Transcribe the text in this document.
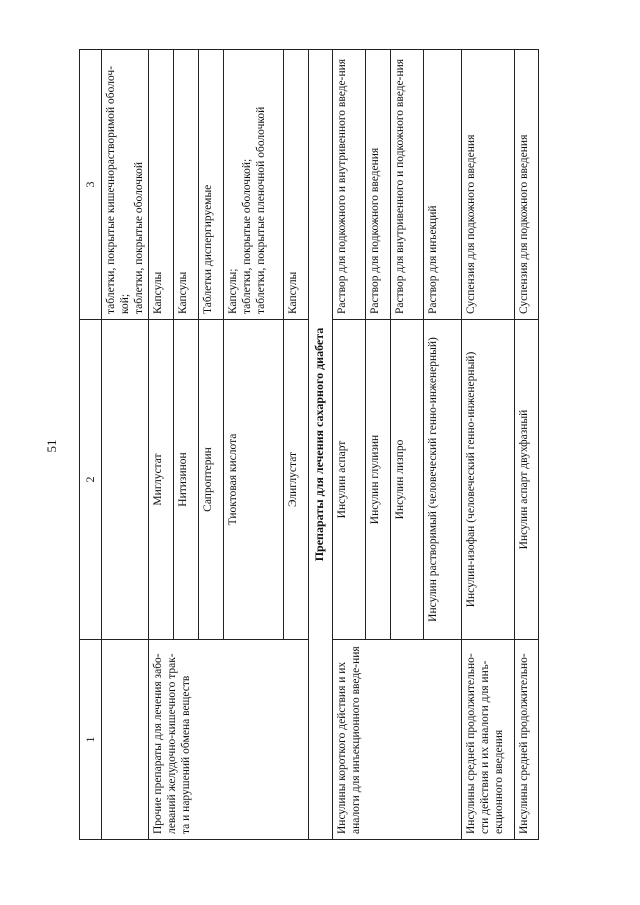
51
1	2	3

		таблетки, покрытые кишечнорастворимой оболоч-кой; таблетки, покрытые оболочкой

Прочие препараты для лечения забо-леваний желудочно-кишечного трак-та и нарушений обмена веществ	Миглустат	Капсулы
	Нитизинон	Капсулы
	Сапроптерин	Таблетки диспергируемые
	Тиоктовая кислота	Капсулы; таблетки, покрытые оболочкой; таблетки, покрытые пленочной оболочкой

	Элиглустат	Капсулы
Препараты для лечения сахарного диабета		
Инсулины короткого действия и их аналоги для инъекционного введе-ния	Инсулин аспарт	Раствор для подкожного и внутривенного введе-ния
	Инсулин глулизин	Раствор для подкожного введения
	Инсулин лизпро	Раствор для внутривенного и подкожного введе-ния
	Инсулин растворимый (человеческий генно-инженерный)	Раствор для инъекций
Инсулины средней продолжительно-сти действия и их аналоги для инъ-екционного введения	Инсулин-изофан (человеческий генно-инженерный)	Суспензия для подкожного введения
Инсулины средней продолжительно-	Инсулин аспарт двухфазный	Суспензия для подкожного введения
